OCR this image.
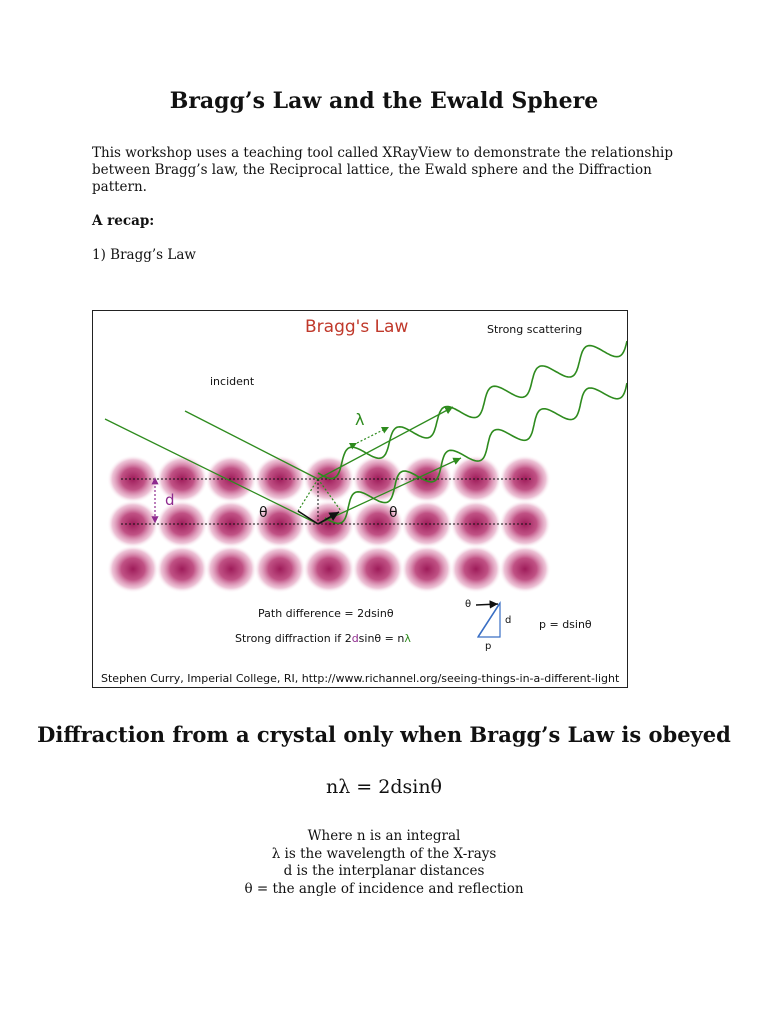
Bragg’s Law and the Ewald Sphere

This workshop uses a teaching tool called XRayView to demonstrate the relationship between Bragg’s law, the Reciprocal lattice, the Ewald sphere and the Diffraction pattern.

A recap:

1) Bragg’s Law

Bragg's Law	Strong scattering
incident
λ
d
θ	θ
Path difference = 2dsinθ
Strong diffraction if 2dsinθ = nλ
θ
d
p
p = dsinθ
Stephen Curry, Imperial College, RI, http://www.richannel.org/seeing-things-in-a-different-light
Diffraction from a crystal only when Bragg’s Law is obeyed

nλ = 2dsinθ

Where n is an integral
λ is the wavelength of the X-rays
d is the interplanar distances
θ = the angle of incidence and reflection
